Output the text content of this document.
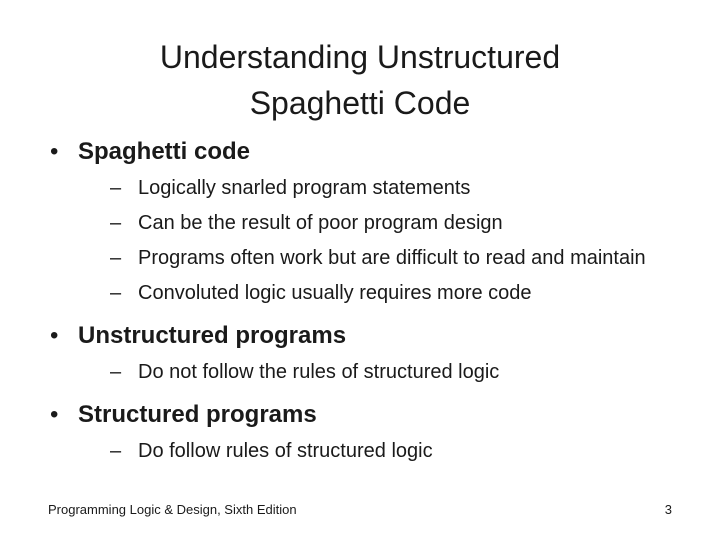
Understanding Unstructured
Spaghetti Code
• Spaghetti code
– Logically snarled program statements
– Can be the result of poor program design
– Programs often work but are difficult to read and maintain
– Convoluted logic usually requires more code
• Unstructured programs
– Do not follow the rules of structured logic
• Structured programs
– Do follow rules of structured logic
Programming Logic & Design, Sixth Edition	3
